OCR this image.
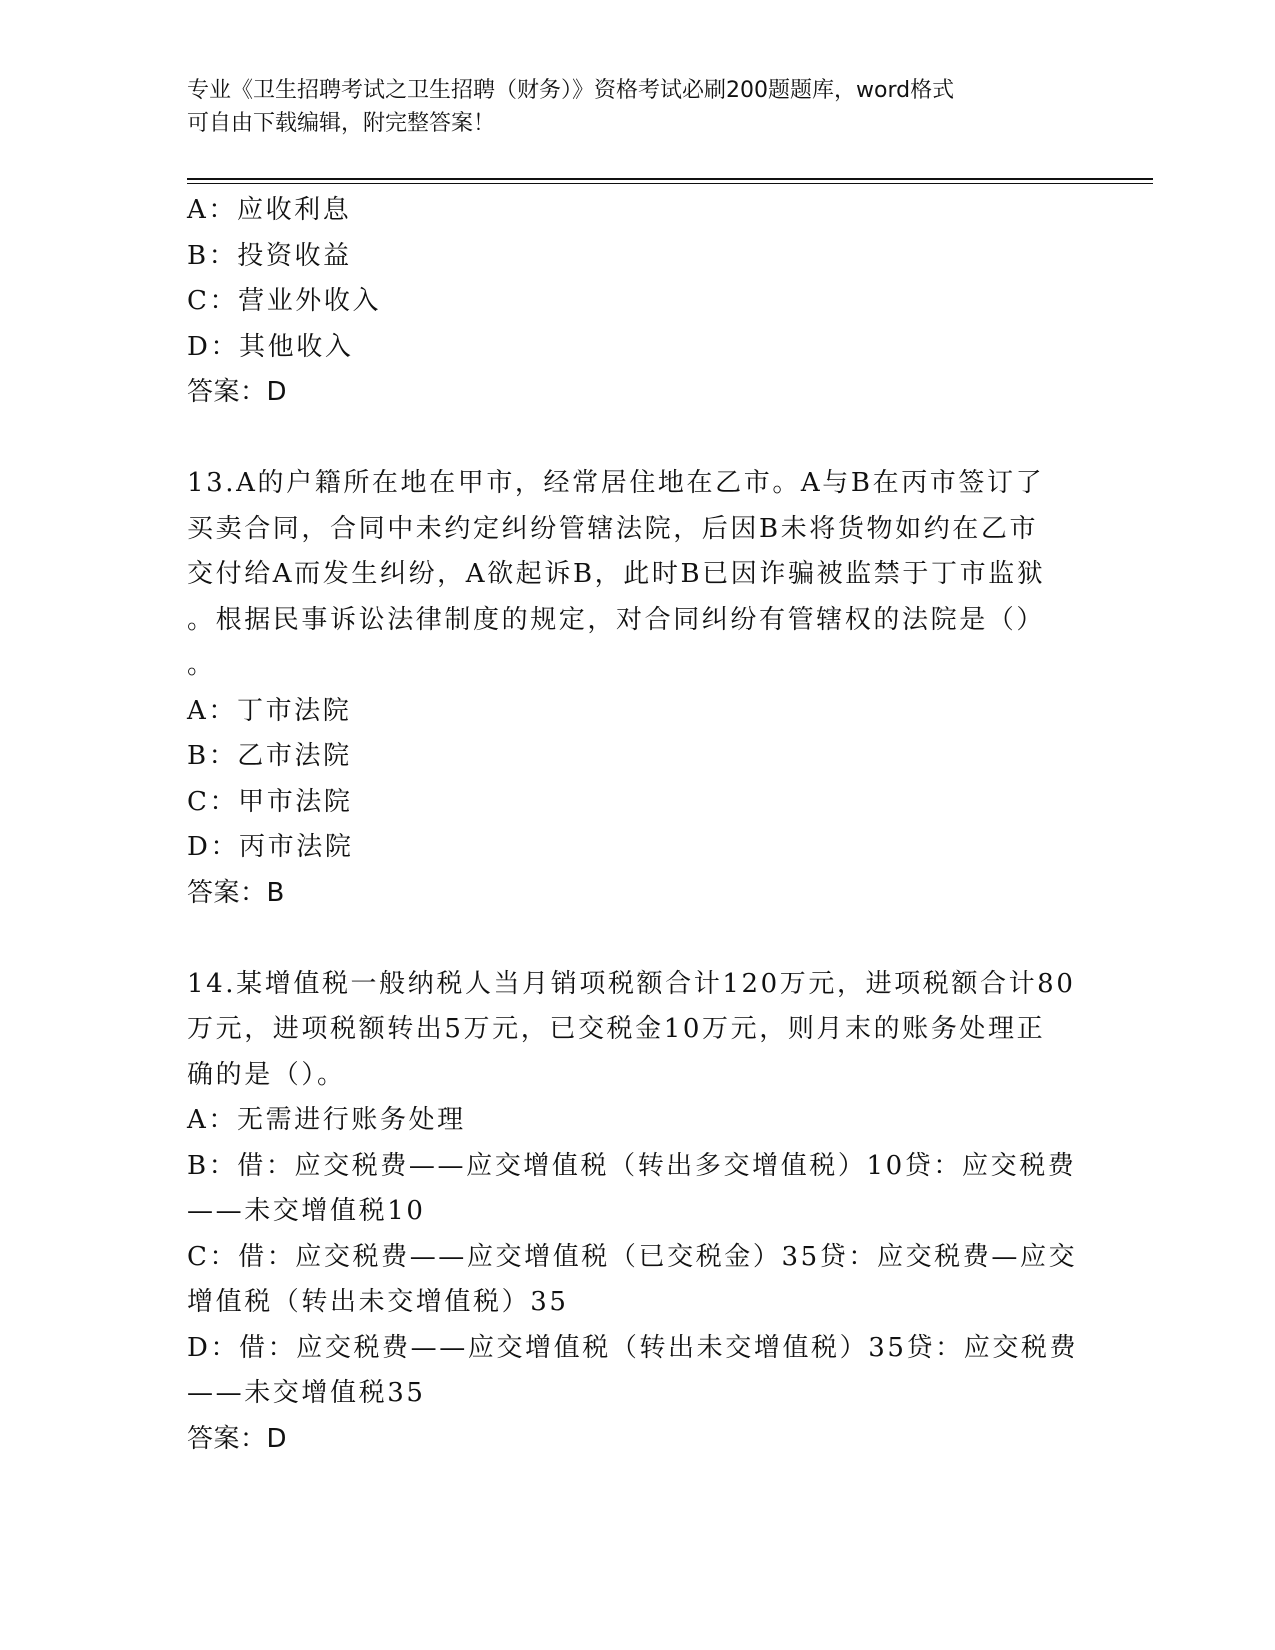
专业《卫生招聘考试之卫生招聘（财务）》资格考试必刷200题题库，word格式
可自由下载编辑，附完整答案！
A：应收利息
B：投资收益
C：营业外收入
D：其他收入
答案：D
13.A的户籍所在地在甲市，经常居住地在乙市。A与B在丙市签订了
买卖合同，合同中未约定纠纷管辖法院，后因B未将货物如约在乙市
交付给A而发生纠纷，A欲起诉B，此时B已因诈骗被监禁于丁市监狱
。根据民事诉讼法律制度的规定，对合同纠纷有管辖权的法院是（）
。
A：丁市法院
B：乙市法院
C：甲市法院
D：丙市法院
答案：B
14.某增值税一般纳税人当月销项税额合计120万元，进项税额合计80
万元，进项税额转出5万元，已交税金10万元，则月末的账务处理正
确的是（）。
A：无需进行账务处理
B：借：应交税费——应交增值税（转出多交增值税）10贷：应交税费
——未交增值税10
C：借：应交税费——应交增值税（已交税金）35贷：应交税费—应交
增值税（转出未交增值税）35
D：借：应交税费——应交增值税（转出未交增值税）35贷：应交税费
——未交增值税35
答案：D
